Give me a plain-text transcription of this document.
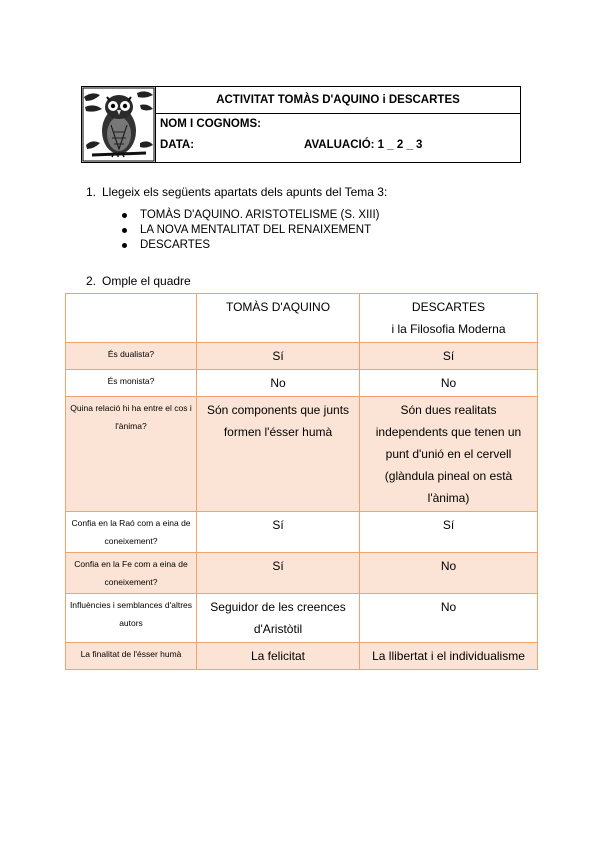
ACTIVITAT TOMÀS D'AQUINO i DESCARTES
NOM I COGNOMS:
DATA:	AVALUACIÓ: 1 _ 2 _ 3
1. Llegeix els següents apartats dels apunts del Tema 3:
TOMÀS D'AQUINO. ARISTOTELISME (S. XIII)
LA NOVA MENTALITAT DEL RENAIXEMENT
DESCARTES
2. Omple el quadre
	TOMÀS D'AQUINO	DESCARTES
i la Filosofia Moderna

És dualista?	Sí	Sí
És monista?	No	No
Quina relació hi ha entre el cos i l'ànima?	Són components que junts formen l'ésser humà	Són dues realitats independents que tenen un punt d'unió en el cervell (glàndula pineal on està l'ànima)
Confia en la Raó com a eina de coneixement?	Sí	Sí
Confia en la Fe com a eina de coneixement?	Sí	No
Influències i semblances d'altres autors	Seguidor de les creences d'Aristòtil	No
La finalitat de l'ésser humà	La felicitat	La llibertat i el individualisme
